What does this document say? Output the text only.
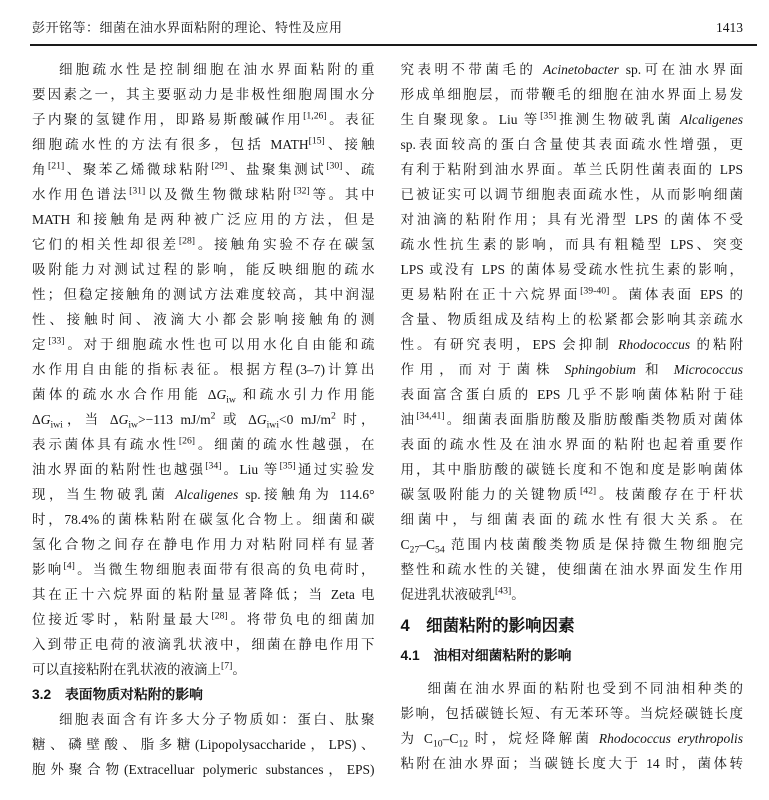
彭开铭等：细菌在油水界面粘附的理论、特性及应用	1413
细胞疏水性是控制细胞在油水界面粘附的重
要因素之一，其主要驱动力是非极性细胞周围水分
子内聚的氢键作用，即路易斯酸碱作用[1,26]。表征
细胞疏水性的方法有很多，包括 MATH[15]、接触
角[21]、聚苯乙烯微球粘附[29]、盐聚集测试[30]、疏
水作用色谱法[31]以及微生物微球粘附[32]等。其中
MATH 和接触角是两种被广泛应用的方法，但是
它们的相关性却很差[28]。接触角实验不存在碳氢
吸附能力对测试过程的影响，能反映细胞的疏水
性；但稳定接触角的测试方法难度较高，其中润湿
性、接触时间、液滴大小都会影响接触角的测
定[33]。对于细胞疏水性也可以用水化自由能和疏
水作用自由能的指标表征。根据方程(3–7)计算出
菌体的疏水水合作用能 $\Delta G_{iw}$ 和疏水引力作用能
$\Delta G_{iwi}$，当 $\Delta G_{iw}>-113$ $mJ/m^2$ 或 $\Delta G_{iwi}<0$ $mJ/m^2$ 时，
表示菌体具有疏水性[26]。细菌的疏水性越强，在
油水界面的粘附性也越强[34]。Liu 等[35]通过实验发
现，当生物破乳菌 Alcaligenes sp.接触角为 114.6°
时，78.4%的菌株粘附在碳氢化合物上。细菌和碳
氢化合物之间存在静电作用力对粘附同样有显著
影响[4]。当微生物细胞表面带有很高的负电荷时，
其在正十六烷界面的粘附量显著降低；当 Zeta 电
位接近零时，粘附量最大[28]。将带负电的细菌加
入到带正电荷的液滴乳状液中，细菌在静电作用下
可以直接粘附在乳状液的液滴上[7]。
3.2 表面物质对粘附的影响
细胞表面含有许多大分子物质如：蛋白、肽聚
糖、磷壁酸、脂多糖(Lipopolysaccharide，LPS)、
胞外聚合物(Extracelluar polymeric substances，EPS)
究表明不带菌毛的 Acinetobacter sp.可在油水界面
形成单细胞层，而带鞭毛的细胞在油水界面上易发
生自聚现象。Liu 等[35]推测生物破乳菌 Alcaligenes
sp.表面较高的蛋白含量使其表面疏水性增强，更
有利于粘附到油水界面。革兰氏阴性菌表面的 LPS
已被证实可以调节细胞表面疏水性，从而影响细菌
对油滴的粘附作用；具有光滑型 LPS 的菌体不受
疏水性抗生素的影响，而具有粗糙型 LPS、突变
LPS 或没有 LPS 的菌体易受疏水性抗生素的影响，
更易粘附在正十六烷界面[39-40]。菌体表面 EPS 的
含量、物质组成及结构上的松紧都会影响其亲疏水
性。有研究表明，EPS 会抑制 Rhodococcus 的粘附
作用，而对于菌株 Sphingobium 和 Micrococcus
表面富含蛋白质的 EPS 几乎不影响菌体粘附于硅
油[34,41]。细菌表面脂肪酸及脂肪酸酯类物质对菌体
表面的疏水性及在油水界面的粘附也起着重要作
用，其中脂肪酸的碳链长度和不饱和度是影响菌体
碳氢吸附能力的关键物质[42]。枝菌酸存在于杆状
细菌中，与细菌表面的疏水性有很大关系。在
$C_{27}-C_{54}$ 范围内枝菌酸类物质是保持微生物细胞完
整性和疏水性的关键，使细菌在油水界面发生作用
促进乳状液破乳[43]。
4 细菌粘附的影响因素
4.1 油相对细菌粘附的影响
细菌在油水界面的粘附也受到不同油相种类的
影响，包括碳链长短、有无苯环等。当烷烃碳链长度
为 $C_{10}-C_{12}$ 时，烷烃降解菌 Rhodococcus erythropolis
粘附在油水界面；当碳链长度大于 14 时，菌体转
